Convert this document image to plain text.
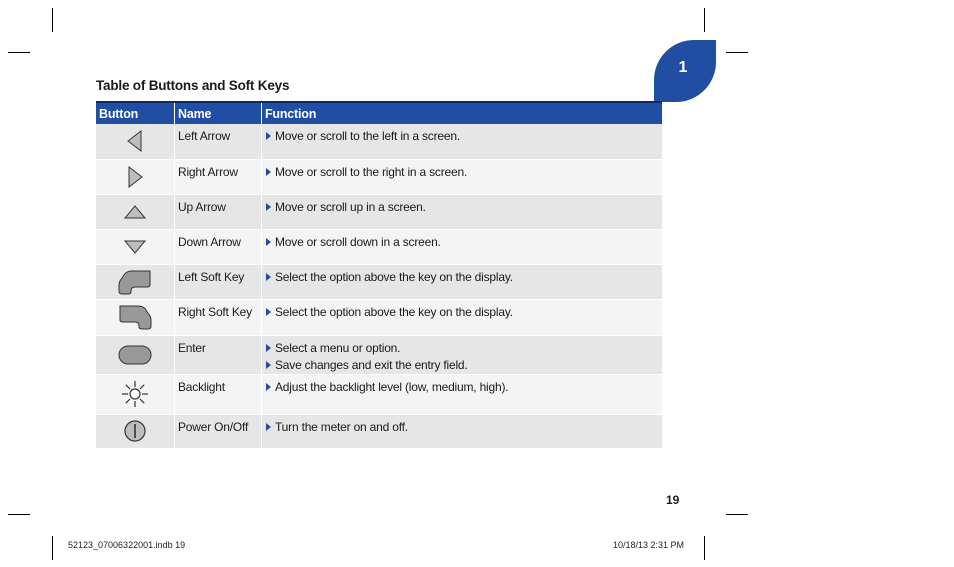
1
Table of Buttons and Soft Keys
Button	Name	Function

	Left Arrow	Move or scroll to the left in a screen.

	Right Arrow	Move or scroll to the right in a screen.

	Up Arrow	Move or scroll up in a screen.

	Down Arrow	Move or scroll down in a screen.

	Left Soft Key	Select the option above the key on the display.

	Right Soft Key	Select the option above the key on the display.

	Enter	Select a menu or option.
Save changes and exit the entry field.

	Backlight	Adjust the backlight level (low, medium, high).

	Power On/Off	Turn the meter on and off.
19
52123_07006322001.indb 19	10/18/13 2:31 PM
